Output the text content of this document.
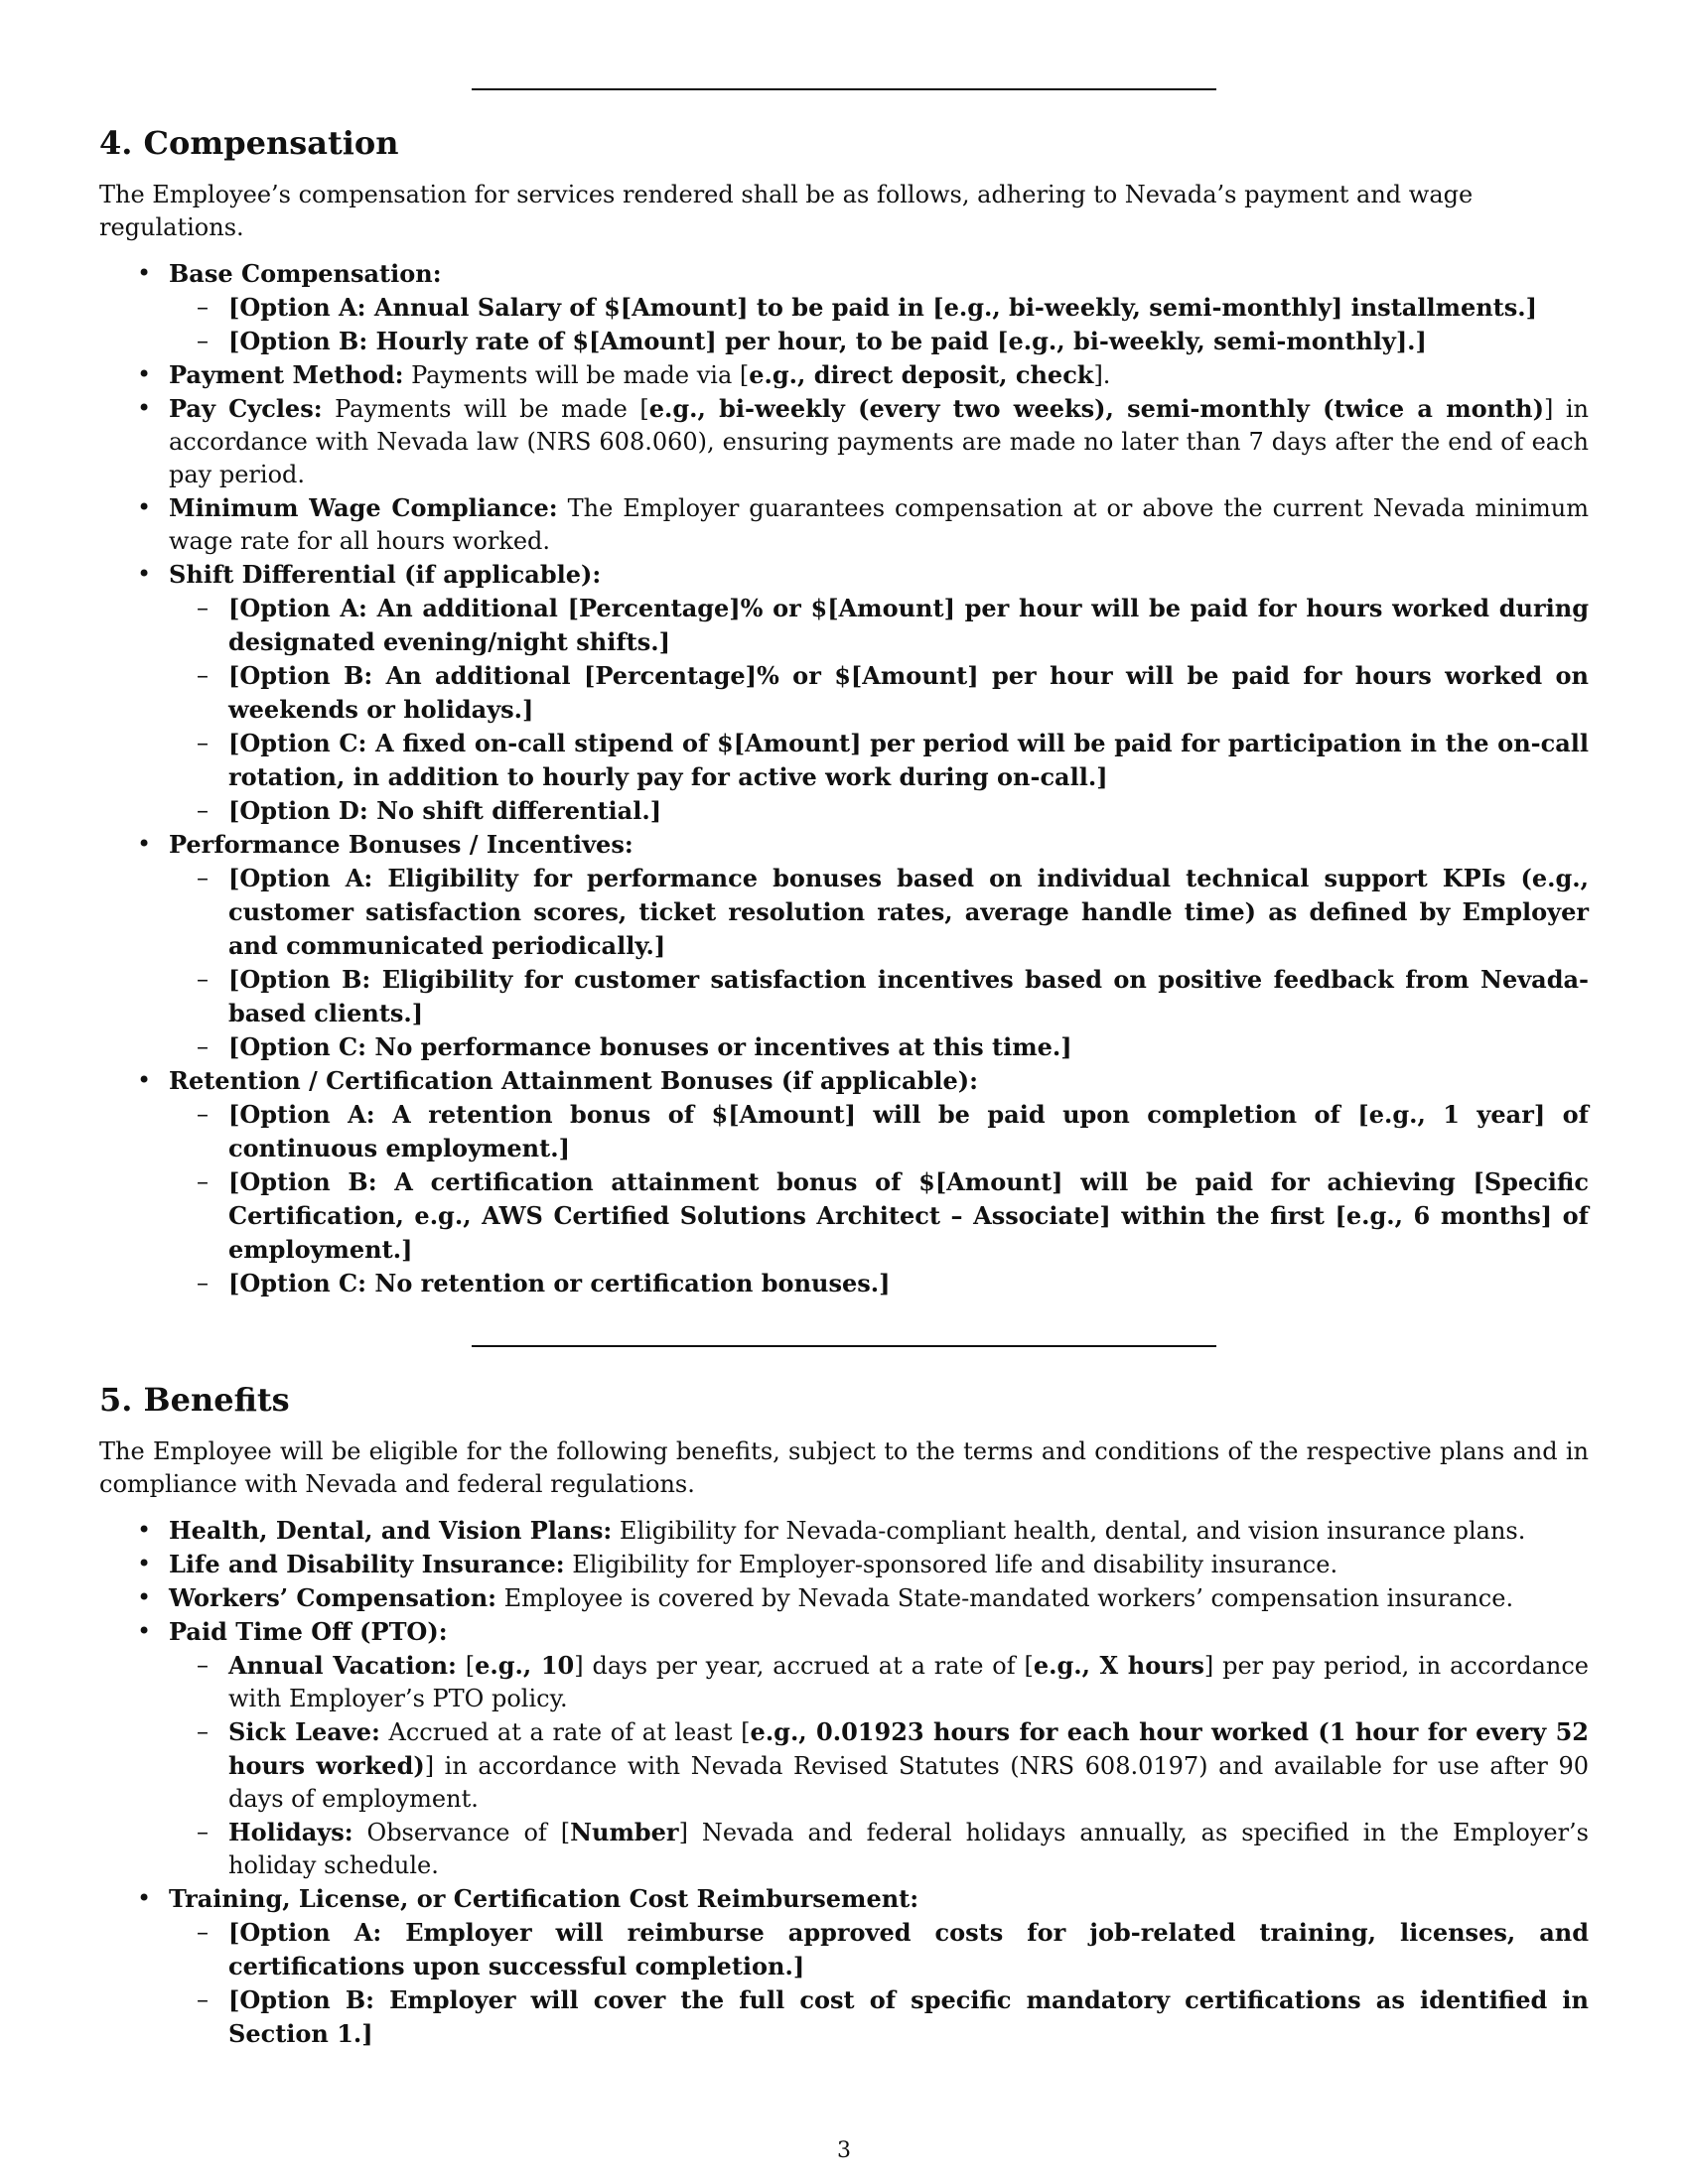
4. Compensation

The Employee’s compensation for services rendered shall be as follows, adhering to Nevada’s payment and wage regulations.

• Base Compensation:
– [Option A: Annual Salary of $[Amount] to be paid in [e.g., bi-weekly, semi-monthly] installments.]
– [Option B: Hourly rate of $[Amount] per hour, to be paid [e.g., bi-weekly, semi-monthly].]
• Payment Method: Payments will be made via [e.g., direct deposit, check].
• Pay Cycles: Payments will be made [e.g., bi-weekly (every two weeks), semi-monthly (twice a month)] in accordance with Nevada law (NRS 608.060), ensuring payments are made no later than 7 days after the end of each pay period.
• Minimum Wage Compliance: The Employer guarantees compensation at or above the current Nevada minimum wage rate for all hours worked.
• Shift Differential (if applicable):
– [Option A: An additional [Percentage]% or $[Amount] per hour will be paid for hours worked during designated evening/night shifts.]
– [Option B: An additional [Percentage]% or $[Amount] per hour will be paid for hours worked on weekends or holidays.]
– [Option C: A fixed on-call stipend of $[Amount] per period will be paid for participation in the on-call rotation, in addition to hourly pay for active work during on-call.]
– [Option D: No shift differential.]
• Performance Bonuses / Incentives:
– [Option A: Eligibility for performance bonuses based on individual technical support KPIs (e.g., customer satisfaction scores, ticket resolution rates, average handle time) as defined by Employer and communicated periodically.]
– [Option B: Eligibility for customer satisfaction incentives based on positive feedback from Nevada-based clients.]
– [Option C: No performance bonuses or incentives at this time.]
• Retention / Certification Attainment Bonuses (if applicable):
– [Option A: A retention bonus of $[Amount] will be paid upon completion of [e.g., 1 year] of continuous employment.]
– [Option B: A certification attainment bonus of $[Amount] will be paid for achieving [Specific Certification, e.g., AWS Certified Solutions Architect – Associate] within the first [e.g., 6 months] of employment.]
– [Option C: No retention or certification bonuses.]
5. Benefits

The Employee will be eligible for the following benefits, subject to the terms and conditions of the respective plans and in compliance with Nevada and federal regulations.

• Health, Dental, and Vision Plans: Eligibility for Nevada-compliant health, dental, and vision insurance plans.
• Life and Disability Insurance: Eligibility for Employer-sponsored life and disability insurance.
• Workers’ Compensation: Employee is covered by Nevada State-mandated workers’ compensation insurance.
• Paid Time Off (PTO):
– Annual Vacation: [e.g., 10] days per year, accrued at a rate of [e.g., X hours] per pay period, in accordance with Employer’s PTO policy.
– Sick Leave: Accrued at a rate of at least [e.g., 0.01923 hours for each hour worked (1 hour for every 52 hours worked)] in accordance with Nevada Revised Statutes (NRS 608.0197) and available for use after 90 days of employment.
– Holidays: Observance of [Number] Nevada and federal holidays annually, as specified in the Employer’s holiday schedule.
• Training, License, or Certification Cost Reimbursement:
– [Option A: Employer will reimburse approved costs for job-related training, licenses, and certifications upon successful completion.]
– [Option B: Employer will cover the full cost of specific mandatory certifications as identified in Section 1.]
3
